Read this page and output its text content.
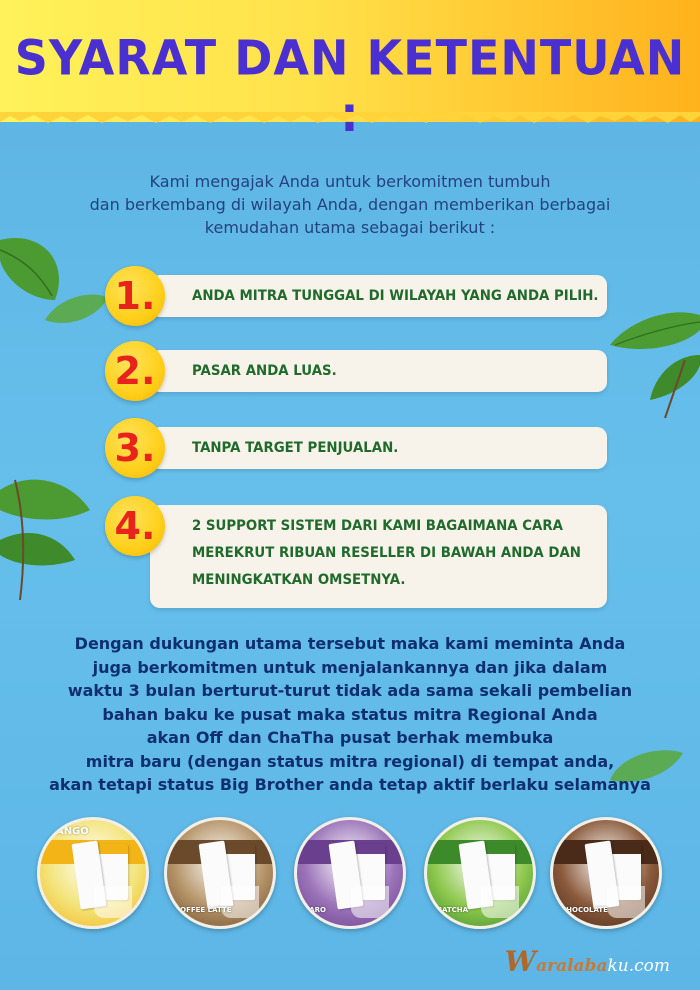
SYARAT DAN KETENTUAN
Kami mengajak Anda untuk berkomitmen tumbuh
dan berkembang di wilayah Anda, dengan memberikan berbagai
kemudahan utama sebagai berikut :
ANDA MITRA TUNGGAL DI WILAYAH YANG ANDA PILIH.
1.
PASAR ANDA LUAS.
2.
TANPA TARGET PENJUALAN.
3.
2 SUPPORT SISTEM DARI KAMI BAGAIMANA CARA
MEREKRUT RIBUAN RESELLER DI BAWAH ANDA DAN
MENINGKATKAN OMSETNYA.
4.
Dengan dukungan utama tersebut maka kami meminta Anda
juga berkomitmen untuk menjalankannya dan jika dalam
waktu 3 bulan berturut-turut tidak ada sama sekali pembelian
bahan baku ke pusat maka status mitra Regional Anda
akan Off dan ChaTha pusat berhak membuka
mitra baru (dengan status mitra regional) di tempat anda,
akan tetapi status Big Brother anda tetap aktif berlaku selamanya
MANGO
COFFEE LATTE	TARO	MATCHA	CHOCOLATE
Waralabaku.com
